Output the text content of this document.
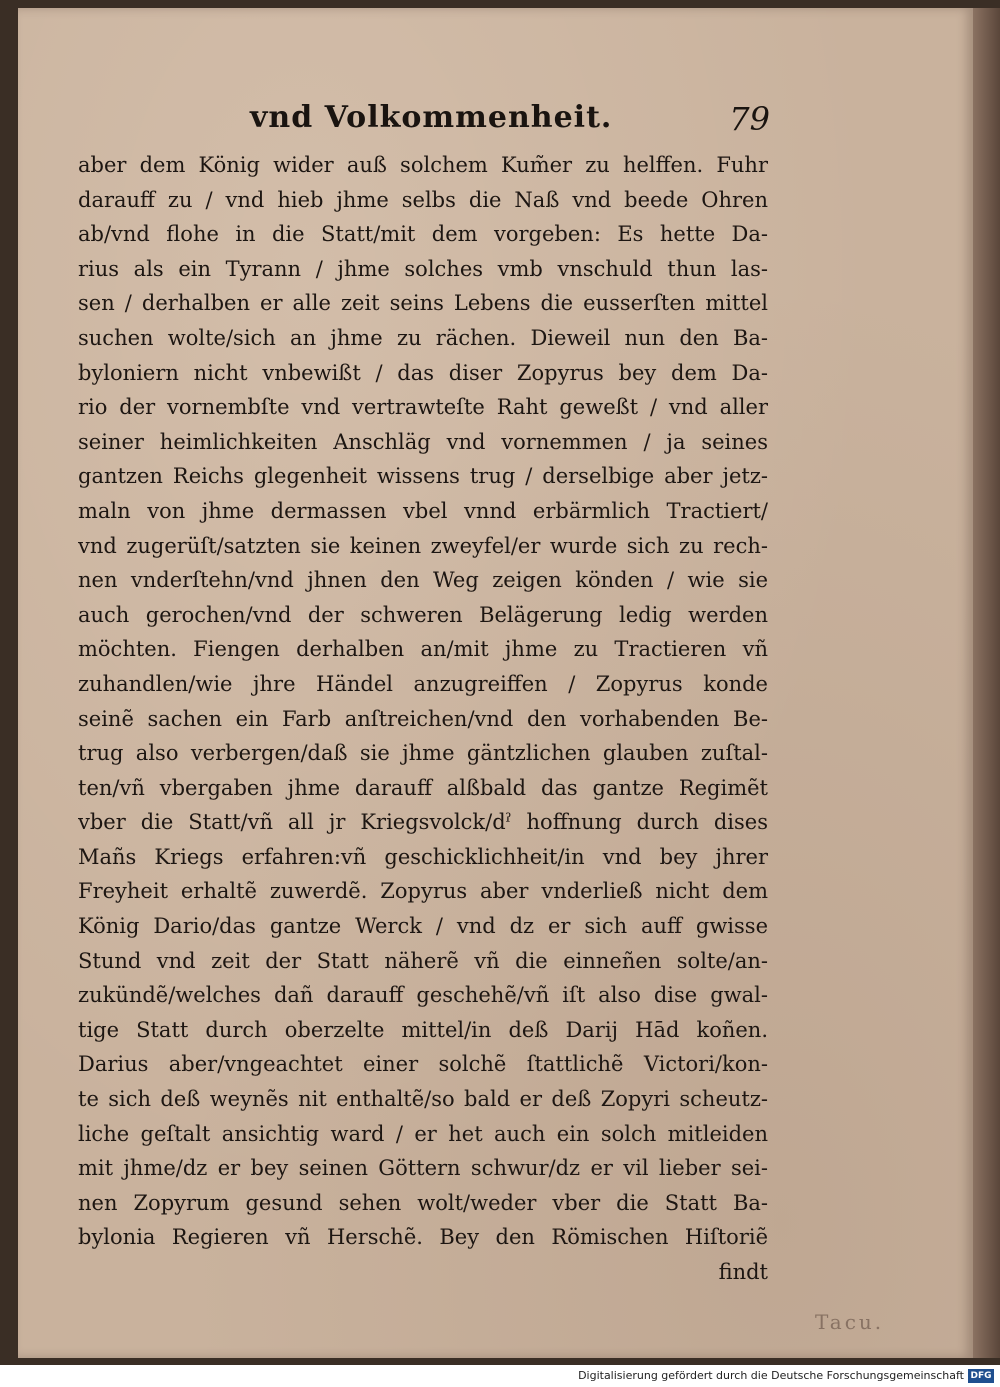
vnd Volkommenheit.	79
aber dem König wider auß solchem Kum̃er zu helffen. Fuhr
darauff zu / vnd hieb jhme selbs die Naß vnd beede Ohren
ab/vnd flohe in die Statt/mit dem vorgeben: Es hette Da-
rius als ein Tyrann / jhme solches vmb vnschuld thun las-
sen / derhalben er alle zeit seins Lebens die eusserſten mittel
suchen wolte/sich an jhme zu rächen. Dieweil nun den Ba-
byloniern nicht vnbewißt / das diser Zopyrus bey dem Da-
rio der vornembſte vnd vertrawteſte Raht geweßt / vnd aller
seiner heimlichkeiten Anschläg vnd vornemmen / ja seines
gantzen Reichs glegenheit wissens trug / derselbige aber jetz-
maln von jhme dermassen vbel vnnd erbärmlich Tractiert/
vnd zugerüſt/satzten sie keinen zweyfel/er wurde sich zu rech-
nen vnderſtehn/vnd jhnen den Weg zeigen könden / wie sie
auch gerochen/vnd der schweren Belägerung ledig werden
möchten. Fiengen derhalben an/mit jhme zu Tractieren vñ
zuhandlen/wie jhre Händel anzugreiffen / Zopyrus konde
seinẽ sachen ein Farb anſtreichen/vnd den vorhabenden Be-
trug also verbergen/daß sie jhme gäntzlichen glauben zuſtal-
ten/vñ vbergaben jhme darauff alßbald das gantze Regimẽt
vber die Statt/vñ all jr Kriegsvolck/dˀ hoffnung durch dises
Mañs Kriegs erfahren:vñ geschicklichheit/in vnd bey jhrer
Freyheit erhaltẽ zuwerdẽ. Zopyrus aber vnderließ nicht dem
König Dario/das gantze Werck / vnd dz er sich auff gwisse
Stund vnd zeit der Statt näherẽ vñ die einneñen solte/an-
zukündẽ/welches dañ darauff geschehẽ/vñ iſt also dise gwal-
tige Statt durch oberzelte mittel/in deß Darij Hād koñen.
Darius aber/vngeachtet einer solchẽ ſtattlichẽ Victori/kon-
te sich deß weynẽs nit enthaltẽ/so bald er deß Zopyri scheutz-
liche geſtalt ansichtig ward / er het auch ein solch mitleiden
mit jhme/dz er bey seinen Göttern schwur/dz er vil lieber sei-
nen Zopyrum gesund sehen wolt/weder vber die Statt Ba-
bylonia Regieren vñ Herschẽ. Bey den Römischen Hiſtoriẽ
findt
Tacu.
Digitalisierung gefördert durch die Deutsche Forschungsgemeinschaft DFG
